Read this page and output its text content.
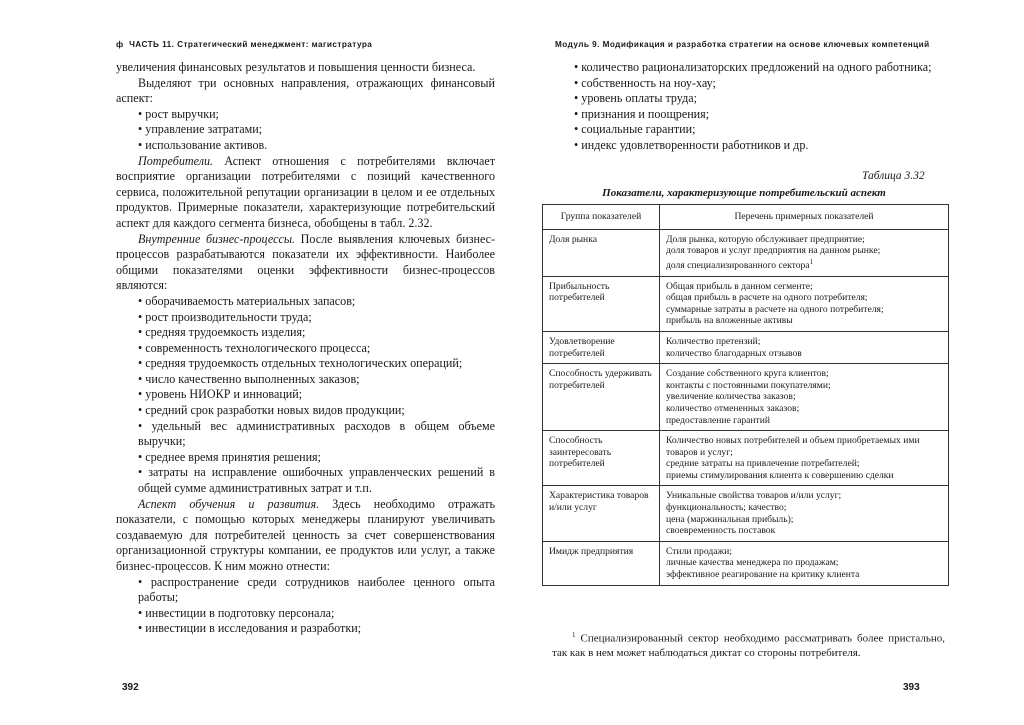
ф ЧАСТЬ 11. Стратегический менеджмент: магистратура

увеличения финансовых результатов и повышения ценности бизнеса.

Выделяют три основных направления, отражающих финансовый аспект:

• рост выручки;

• управление затратами;

• использование активов.

Потребители. Аспект отношения с потребителями включает восприятие организации потребителями с позиций качественного сервиса, положительной репутации организации в целом и ее отдельных продуктов. Примерные показатели, характеризующие потребительский аспект для каждого сегмента бизнеса, обобщены в табл. 2.32.

Внутренние бизнес-процессы. После выявления ключевых бизнес-процессов разрабатываются показатели их эффективности. Наиболее общими показателями оценки эффективности бизнес-процессов являются:

• оборачиваемость материальных запасов;

• рост производительности труда;

• средняя трудоемкость изделия;

• современность технологического процесса;

• средняя трудоемкость отдельных технологических операций;

• число качественно выполненных заказов;

• уровень НИОКР и инноваций;

• средний срок разработки новых видов продукции;

• удельный вес административных расходов в общем объеме выручки;

• среднее время принятия решения;

• затраты на исправление ошибочных управленческих решений в общей сумме административных затрат и т.п.

Аспект обучения и развития. Здесь необходимо отражать показатели, с помощью которых менеджеры планируют увеличивать создаваемую для потребителей ценность за счет совершенствования организационной структуры компании, ее продуктов или услуг, а также бизнес-процессов. К ним можно отнести:

• распространение среди сотрудников наиболее ценного опыта работы;

• инвестиции в подготовку персонала;

• инвестиции в исследования и разработки;

392
Модуль 9. Модификация и разработка стратегии на основе ключевых компетенций

• количество рационализаторских предложений на одного работника;

• собственность на ноу-хау;

• уровень оплаты труда;

• признания и поощрения;

• социальные гарантии;

• индекс удовлетворенности работников и др.

Таблица 3.32
Показатели, характеризующие потребительский аспект
Группа показателей	Перечень примерных показателей
Доля рынка	Доля рынка, которую обслуживает предприятие;
доля товаров и услуг предприятия на данном рынке;
доля специализированного сектора$^1$

Прибыльность потребителей	Общая прибыль в данном сегменте;
общая прибыль в расчете на одного потребителя;
суммарные затраты в расчете на одного потребителя;
прибыль на вложенные активы

Удовлетворение потребителей	Количество претензий;
количество благодарных отзывов

Способность удерживать потребителей	Создание собственного круга клиентов;
контакты с постоянными покупателями;
увеличение количества заказов;
количество отмененных заказов;
предоставление гарантий

Способность заинтересовать потребителей	Количество новых потребителей и объем приобретаемых ими товаров и услуг;
средние затраты на привлечение потребителей;
приемы стимулирования клиента к совершению сделки

Характеристика товаров и/или услуг	Уникальные свойства товаров и/или услуг;
функциональность; качество;
цена (маржинальная прибыль);
своевременность поставок

Имидж предприятия	Стили продажи;
личные качества менеджера по продажам;
эффективное реагирование на критику клиента
$^1$ Специализированный сектор необходимо рассматривать более пристально, так как в нем может наблюдаться диктат со стороны потребителя.
393
